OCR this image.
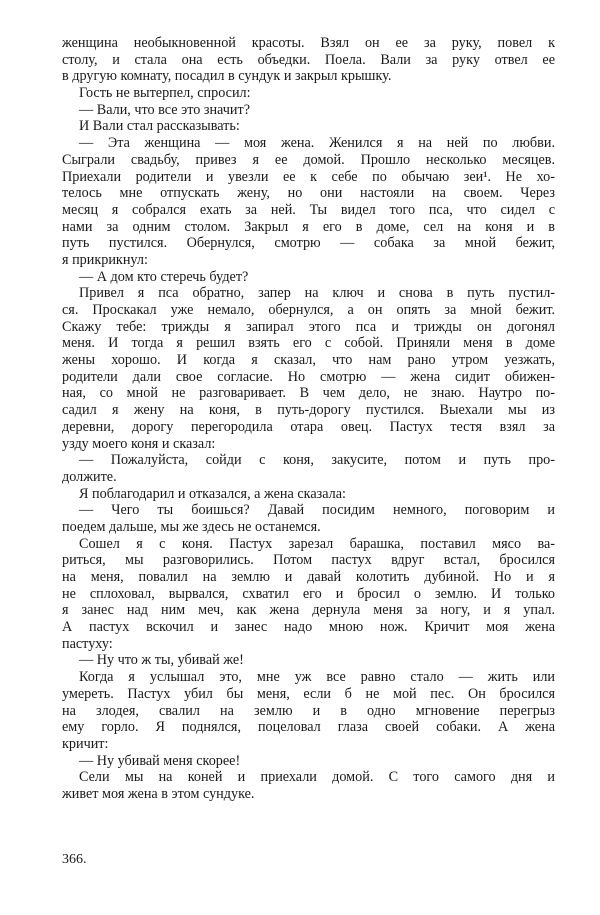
женщина необыкновенной красоты. Взял он ее за руку, повел к
столу, и стала она есть объедки. Поела. Вали за руку отвел ее
в другую комнату, посадил в сундук и закрыл крышку.
Гость не вытерпел, спросил:
— Вали, что все это значит?
И Вали стал рассказывать:
— Эта женщина — моя жена. Женился я на ней по любви.
Сыграли свадьбу, привез я ее домой. Прошло несколько месяцев.
Приехали родители и увезли ее к себе по обычаю зеи¹. Не хо-
телось мне отпускать жену, но они настояли на своем. Через
месяц я собрался ехать за ней. Ты видел того пса, что сидел с
нами за одним столом. Закрыл я его в доме, сел на коня и в
путь пустился. Обернулся, смотрю — собака за мной бежит,
я прикрикнул:
— А дом кто стеречь будет?
Привел я пса обратно, запер на ключ и снова в путь пустил-
ся. Проскакал уже немало, обернулся, а он опять за мной бежит.
Скажу тебе: трижды я запирал этого пса и трижды он догонял
меня. И тогда я решил взять его с собой. Приняли меня в доме
жены хорошо. И когда я сказал, что нам рано утром уезжать,
родители дали свое согласие. Но смотрю — жена сидит обижен-
ная, со мной не разговаривает. В чем дело, не знаю. Наутро по-
садил я жену на коня, в путь-дорогу пустился. Выехали мы из
деревни, дорогу перегородила отара овец. Пастух тестя взял за
узду моего коня и сказал:
— Пожалуйста, сойди с коня, закусите, потом и путь про-
должите.
Я поблагодарил и отказался, а жена сказала:
— Чего ты боишься? Давай посидим немного, поговорим и
поедем дальше, мы же здесь не останемся.
Сошел я с коня. Пастух зарезал барашка, поставил мясо ва-
риться, мы разговорились. Потом пастух вдруг встал, бросился
на меня, повалил на землю и давай колотить дубиной. Но и я
не сплоховал, вырвался, схватил его и бросил о землю. И только
я занес над ним меч, как жена дернула меня за ногу, и я упал.
А пастух вскочил и занес надо мною нож. Кричит моя жена
пастуху:
— Ну что ж ты, убивай же!
Когда я услышал это, мне уж все равно стало — жить или
умереть. Пастух убил бы меня, если б не мой пес. Он бросился
на злодея, свалил на землю и в одно мгновение перегрыз
ему горло. Я поднялся, поцеловал глаза своей собаки. А жена
кричит:
— Ну убивай меня скорее!
Сели мы на коней и приехали домой. С того самого дня и
живет моя жена в этом сундуке.
366.
